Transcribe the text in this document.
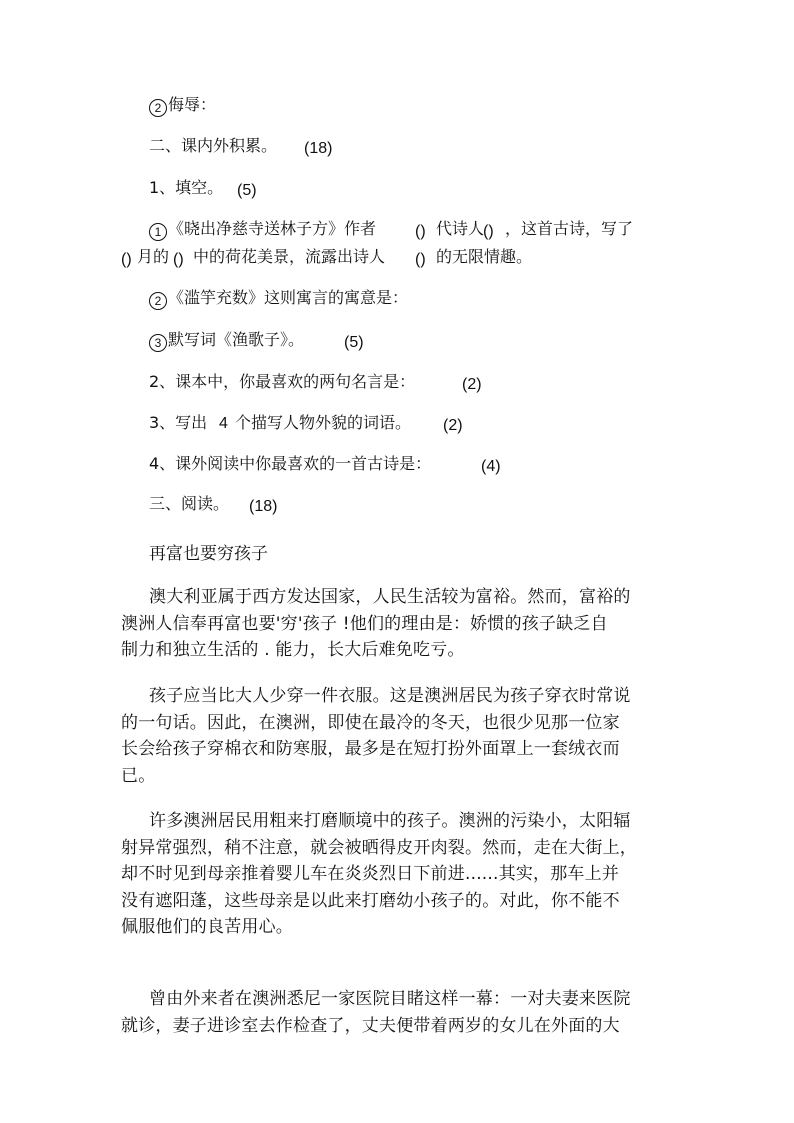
2 侮辱：
二、课内外积累。 (18)
1、填空。 (5)
1 《晓出净慈寺送林子方》作者 () 代诗人
() ，这首古诗，写了
() 月的 () 中的荷花美景，流露出诗人 () 的无限情趣。
2 《滥竽充数》这则寓言的寓意是：
3 默写词《渔歌子》。 (5)
2、课本中，你最喜欢的两句名言是：	(2)
3、写出 4 个描写人物外貌的词语。 (2)
4、课外阅读中你最喜欢的一首古诗是：	(4)
三、阅读。 (18)
再富也要穷孩子
澳大利亚属于西方发达国家，人民生活较为富裕。然而，富裕的
澳洲人信奉再富也要'穷'孩子 !他们的理由是：娇惯的孩子缺乏自
制力和独立生活的 . 能力，长大后难免吃亏。
孩子应当比大人少穿一件衣服。这是澳洲居民为孩子穿衣时常说
的一句话。因此，在澳洲，即使在最冷的冬天，也很少见那一位家
长会给孩子穿棉衣和防寒服，最多是在短打扮外面罩上一套绒衣而
已。
许多澳洲居民用粗来打磨顺境中的孩子。澳洲的污染小，太阳辐
射异常强烈，稍不注意，就会被晒得皮开肉裂。然而，走在大街上，
却不时见到母亲推着婴儿车在炎炎烈日下前进......其实，那车上并
没有遮阳蓬，这些母亲是以此来打磨幼小孩子的。对此，你不能不
佩服他们的良苦用心。
曾由外来者在澳洲悉尼一家医院目睹这样一幕：一对夫妻来医院
就诊，妻子进诊室去作检查了，丈夫便带着两岁的女儿在外面的大
